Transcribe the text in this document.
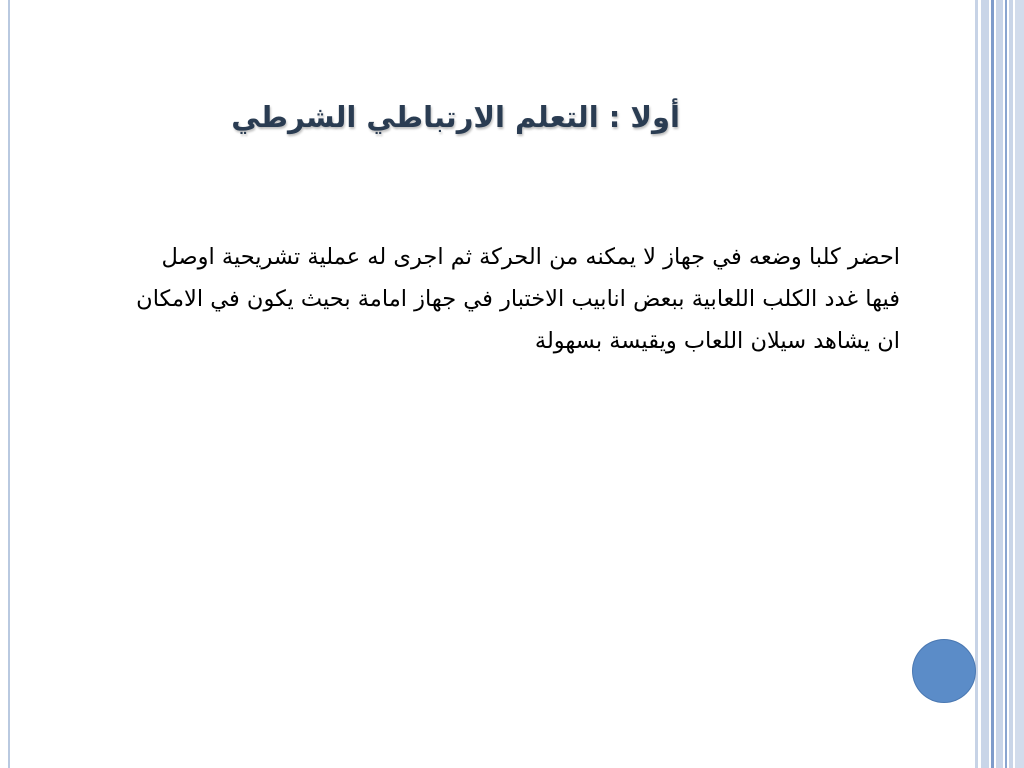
أولا : التعلم الارتباطي الشرطي
احضر كلبا وضعه في جهاز لا يمكنه من الحركة ثم اجرى له عملية تشريحية اوصل فيها غدد الكلب اللعابية ببعض انابيب الاختبار في جهاز امامة بحيث يكون في الامكان ان يشاهد سيلان اللعاب ويقيسة بسهولة
